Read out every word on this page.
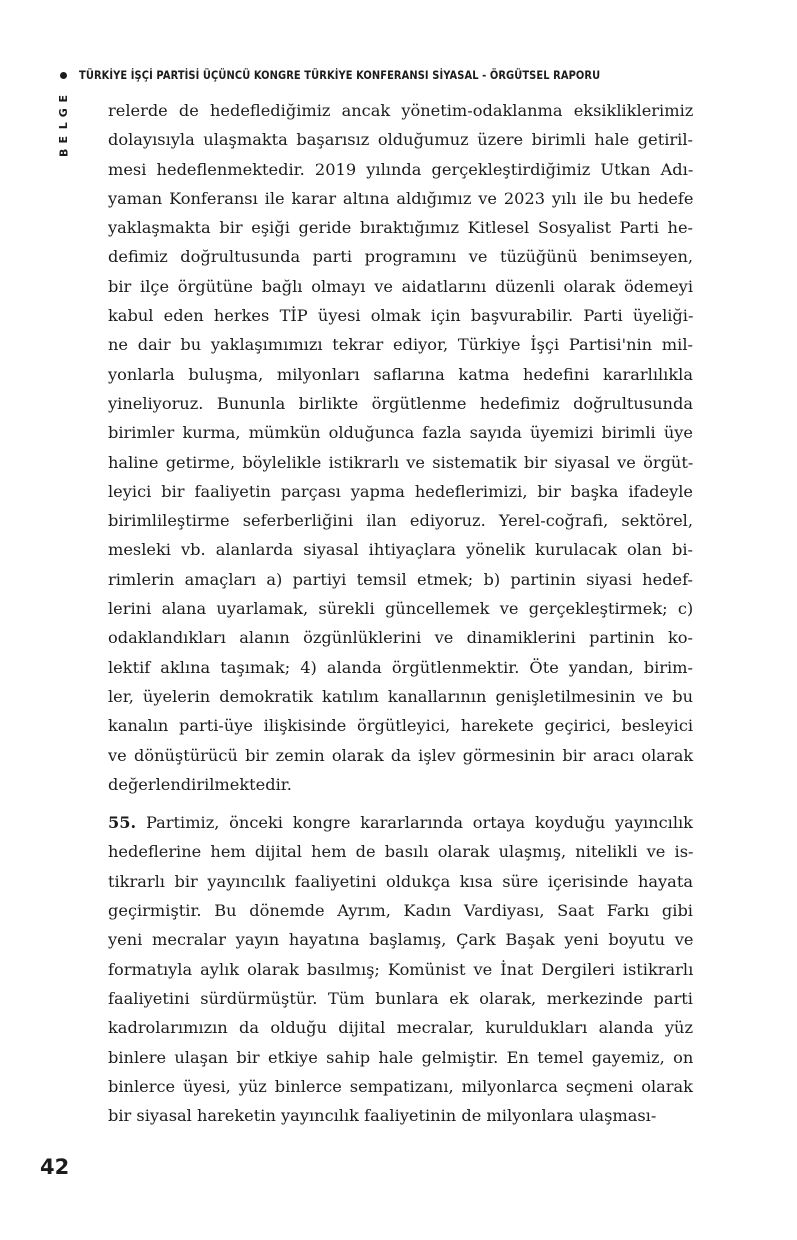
TÜRKİYE İŞÇİ PARTİSİ ÜÇÜNCÜ KONGRE TÜRKİYE KONFERANSI SİYASAL - ÖRGÜTSEL RAPORU
E
G
L
E
B
relerde de hedeflediğimiz ancak yönetim-odaklanma eksikliklerimiz
dolayısıyla ulaşmakta başarısız olduğumuz üzere birimli hale getiril-
mesi hedeflenmektedir. 2019 yılında gerçekleştirdiğimiz Utkan Adı-
yaman Konferansı ile karar altına aldığımız ve 2023 yılı ile bu hedefe
yaklaşmakta bir eşiği geride bıraktığımız Kitlesel Sosyalist Parti he-
defimiz doğrultusunda parti programını ve tüzüğünü benimseyen,
bir ilçe örgütüne bağlı olmayı ve aidatlarını düzenli olarak ödemeyi
kabul eden herkes TİP üyesi olmak için başvurabilir. Parti üyeliği-
ne dair bu yaklaşımımızı tekrar ediyor, Türkiye İşçi Partisi'nin mil-
yonlarla buluşma, milyonları saflarına katma hedefini kararlılıkla
yineliyoruz. Bununla birlikte örgütlenme hedefimiz doğrultusunda
birimler kurma, mümkün olduğunca fazla sayıda üyemizi birimli üye
haline getirme, böylelikle istikrarlı ve sistematik bir siyasal ve örgüt-
leyici bir faaliyetin parçası yapma hedeflerimizi, bir başka ifadeyle
birimlileştirme seferberliğini ilan ediyoruz. Yerel-coğrafi, sektörel,
mesleki vb. alanlarda siyasal ihtiyaçlara yönelik kurulacak olan bi-
rimlerin amaçları a) partiyi temsil etmek; b) partinin siyasi hedef-
lerini alana uyarlamak, sürekli güncellemek ve gerçekleştirmek; c)
odaklandıkları alanın özgünlüklerini ve dinamiklerini partinin ko-
lektif aklına taşımak; 4) alanda örgütlenmektir. Öte yandan, birim-
ler, üyelerin demokratik katılım kanallarının genişletilmesinin ve bu
kanalın parti-üye ilişkisinde örgütleyici, harekete geçirici, besleyici
ve dönüştürücü bir zemin olarak da işlev görmesinin bir aracı olarak
değerlendirilmektedir.
55. Partimiz, önceki kongre kararlarında ortaya koyduğu yayıncılık
hedeflerine hem dijital hem de basılı olarak ulaşmış, nitelikli ve is-
tikrarlı bir yayıncılık faaliyetini oldukça kısa süre içerisinde hayata
geçirmiştir. Bu dönemde Ayrım, Kadın Vardiyası, Saat Farkı gibi
yeni mecralar yayın hayatına başlamış, Çark Başak yeni boyutu ve
formatıyla aylık olarak basılmış; Komünist ve İnat Dergileri istikrarlı
faaliyetini sürdürmüştür. Tüm bunlara ek olarak, merkezinde parti
kadrolarımızın da olduğu dijital mecralar, kuruldukları alanda yüz
binlere ulaşan bir etkiye sahip hale gelmiştir. En temel gayemiz, on
binlerce üyesi, yüz binlerce sempatizanı, milyonlarca seçmeni olarak
bir siyasal hareketin yayıncılık faaliyetinin de milyonlara ulaşması-
42
